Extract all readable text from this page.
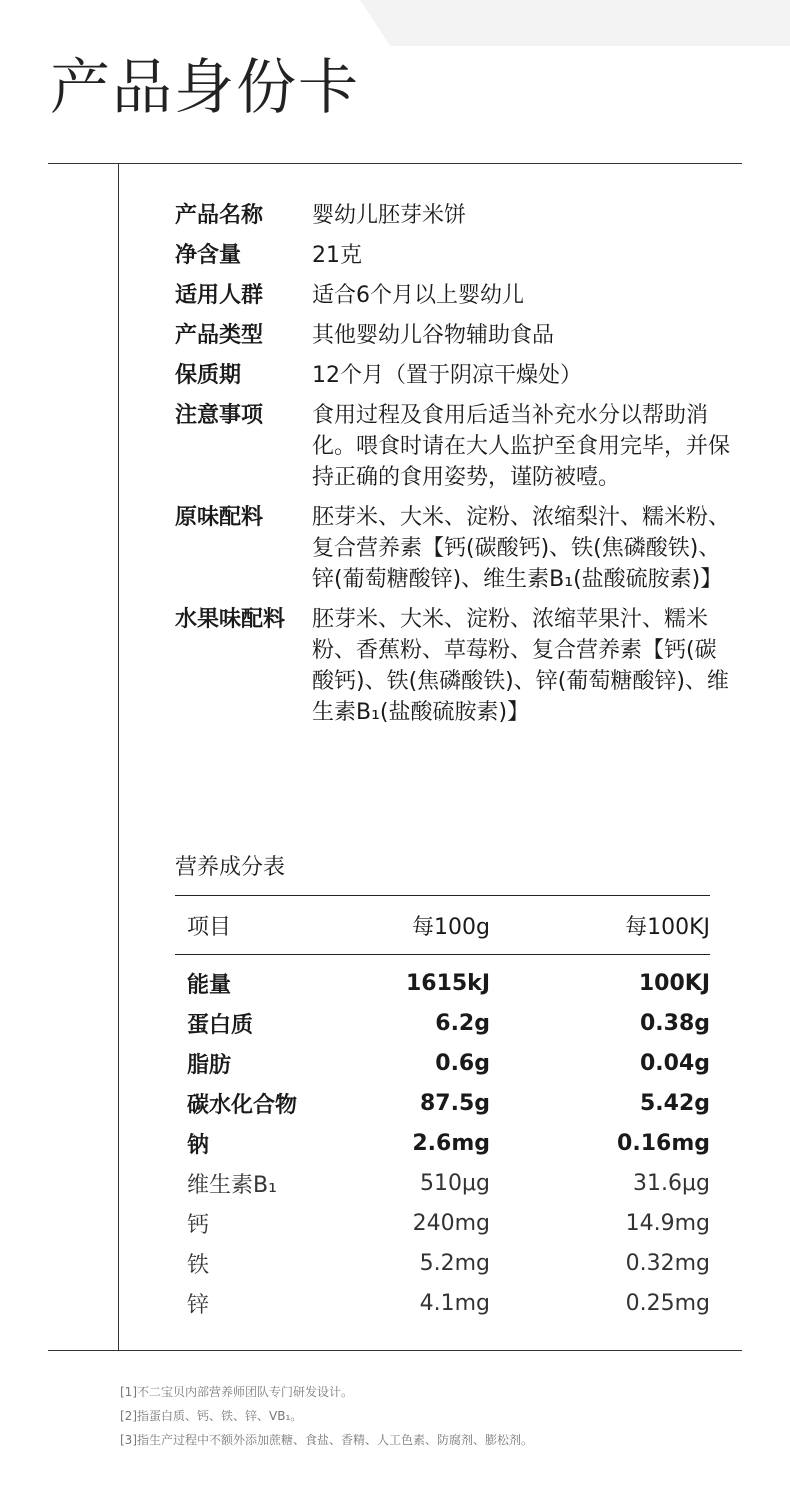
产品身份卡
产品名称	婴幼儿胚芽米饼
净含量	21克
适用人群	适合6个月以上婴幼儿
产品类型	其他婴幼儿谷物辅助食品
保质期	12个月（置于阴凉干燥处）
注意事项	食用过程及食用后适当补充水分以帮助消化。喂食时请在大人监护至食用完毕，并保持正确的食用姿势，谨防被噎。
原味配料	胚芽米、大米、淀粉、浓缩梨汁、糯米粉、复合营养素【钙(碳酸钙)、铁(焦磷酸铁)、锌(葡萄糖酸锌)、维生素B₁(盐酸硫胺素)】
水果味配料	胚芽米、大米、淀粉、浓缩苹果汁、糯米粉、香蕉粉、草莓粉、复合营养素【钙(碳酸钙)、铁(焦磷酸铁)、锌(葡萄糖酸锌)、维生素B₁(盐酸硫胺素)】
营养成分表
项目	每100g	每100KJ
能量	1615kJ	100KJ
蛋白质	6.2g	0.38g
脂肪	0.6g	0.04g
碳水化合物	87.5g	5.42g
钠	2.6mg	0.16mg
维生素B₁	510μg	31.6μg
钙	240mg	14.9mg
铁	5.2mg	0.32mg
锌	4.1mg	0.25mg
[1]不二宝贝内部营养师团队专门研发设计。
[2]指蛋白质、钙、铁、锌、VB₁。
[3]指生产过程中不额外添加蔗糖、食盐、香精、人工色素、防腐剂、膨松剂。
